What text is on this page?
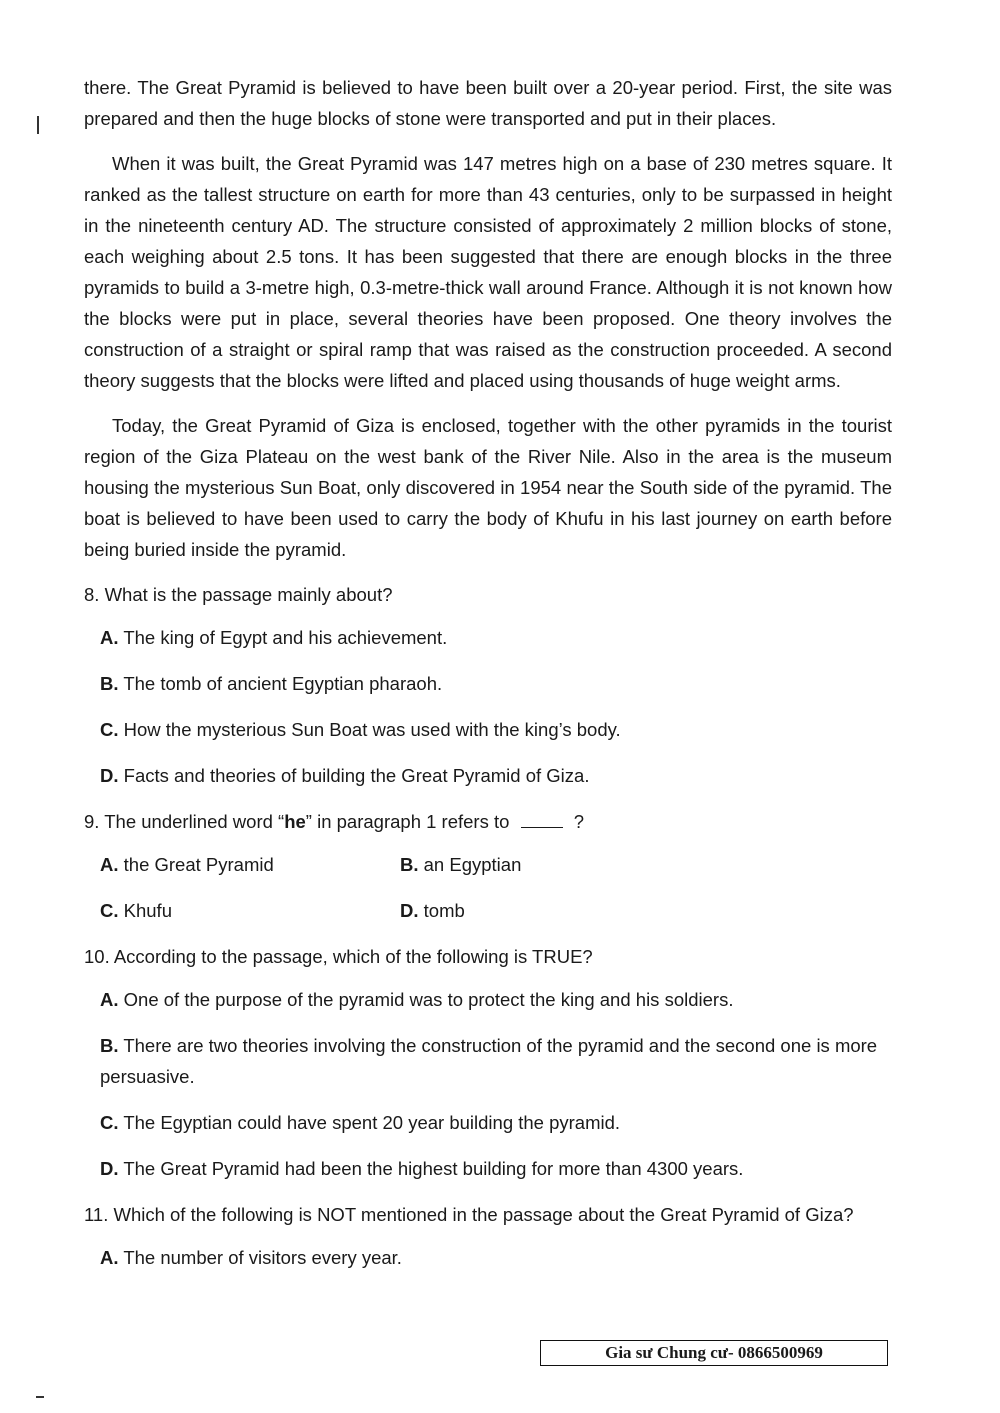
there. The Great Pyramid is believed to have been built over a 20-year period. First, the site was prepared and then the huge blocks of stone were transported and put in their places.

When it was built, the Great Pyramid was 147 metres high on a base of 230 metres square. It ranked as the tallest structure on earth for more than 43 centuries, only to be surpassed in height in the nineteenth century AD. The structure consisted of approximately 2 million blocks of stone, each weighing about 2.5 tons. It has been suggested that there are enough blocks in the three pyramids to build a 3-metre high, 0.3-metre-thick wall around France. Although it is not known how the blocks were put in place, several theories have been proposed. One theory involves the construction of a straight or spiral ramp that was raised as the construction proceeded. A second theory suggests that the blocks were lifted and placed using thousands of huge weight arms.

Today, the Great Pyramid of Giza is enclosed, together with the other pyramids in the tourist region of the Giza Plateau on the west bank of the River Nile. Also in the area is the museum housing the mysterious Sun Boat, only discovered in 1954 near the South side of the pyramid. The boat is believed to have been used to carry the body of Khufu in his last journey on earth before being buried inside the pyramid.

8. What is the passage mainly about?
A. The king of Egypt and his achievement.
B. The tomb of ancient Egyptian pharaoh.
C. How the mysterious Sun Boat was used with the king’s body.
D. Facts and theories of building the Great Pyramid of Giza.
9. The underlined word “he” in paragraph 1 refers to	?
A. the Great Pyramid	B. an Egyptian
C. Khufu	D. tomb
10. According to the passage, which of the following is TRUE?
A. One of the purpose of the pyramid was to protect the king and his soldiers.
B. There are two theories involving the construction of the pyramid and the second one is more persuasive.
C. The Egyptian could have spent 20 year building the pyramid.
D. The Great Pyramid had been the highest building for more than 4300 years.
11. Which of the following is NOT mentioned in the passage about the Great Pyramid of Giza?
A. The number of visitors every year.
Gia sư Chung cư- 0866500969
